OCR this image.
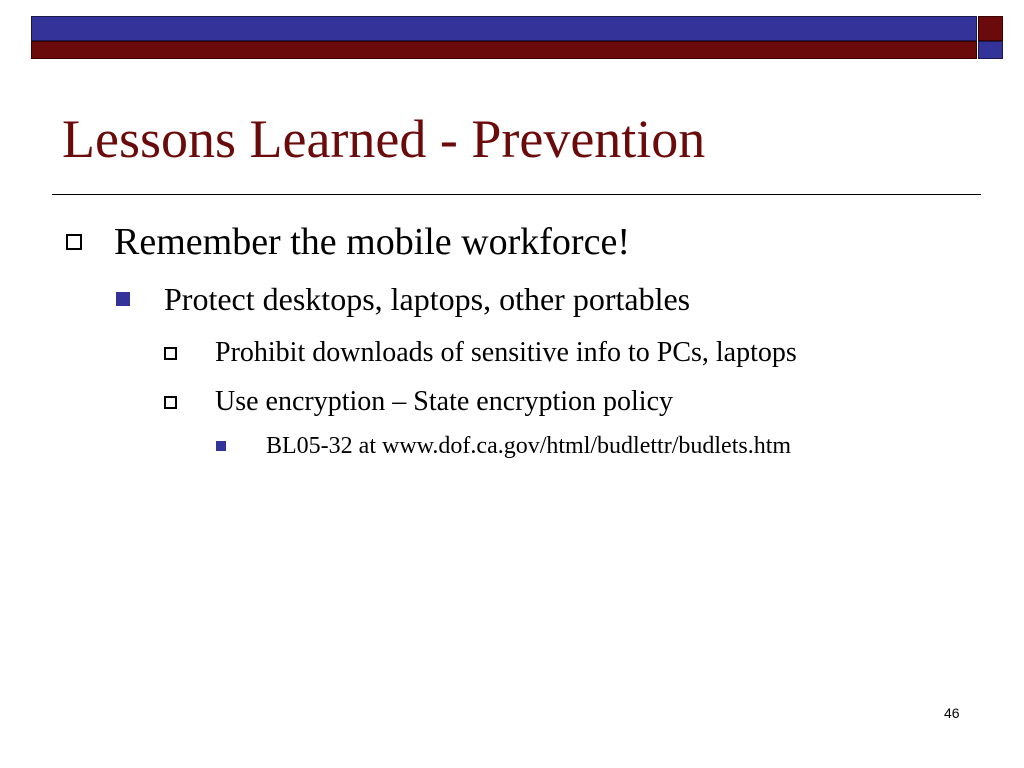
Lessons Learned - Prevention
Remember the mobile workforce!
Protect desktops, laptops, other portables
Prohibit downloads of sensitive info to PCs, laptops
Use encryption – State encryption policy
BL05-32 at www.dof.ca.gov/html/budlettr/budlets.htm
46
